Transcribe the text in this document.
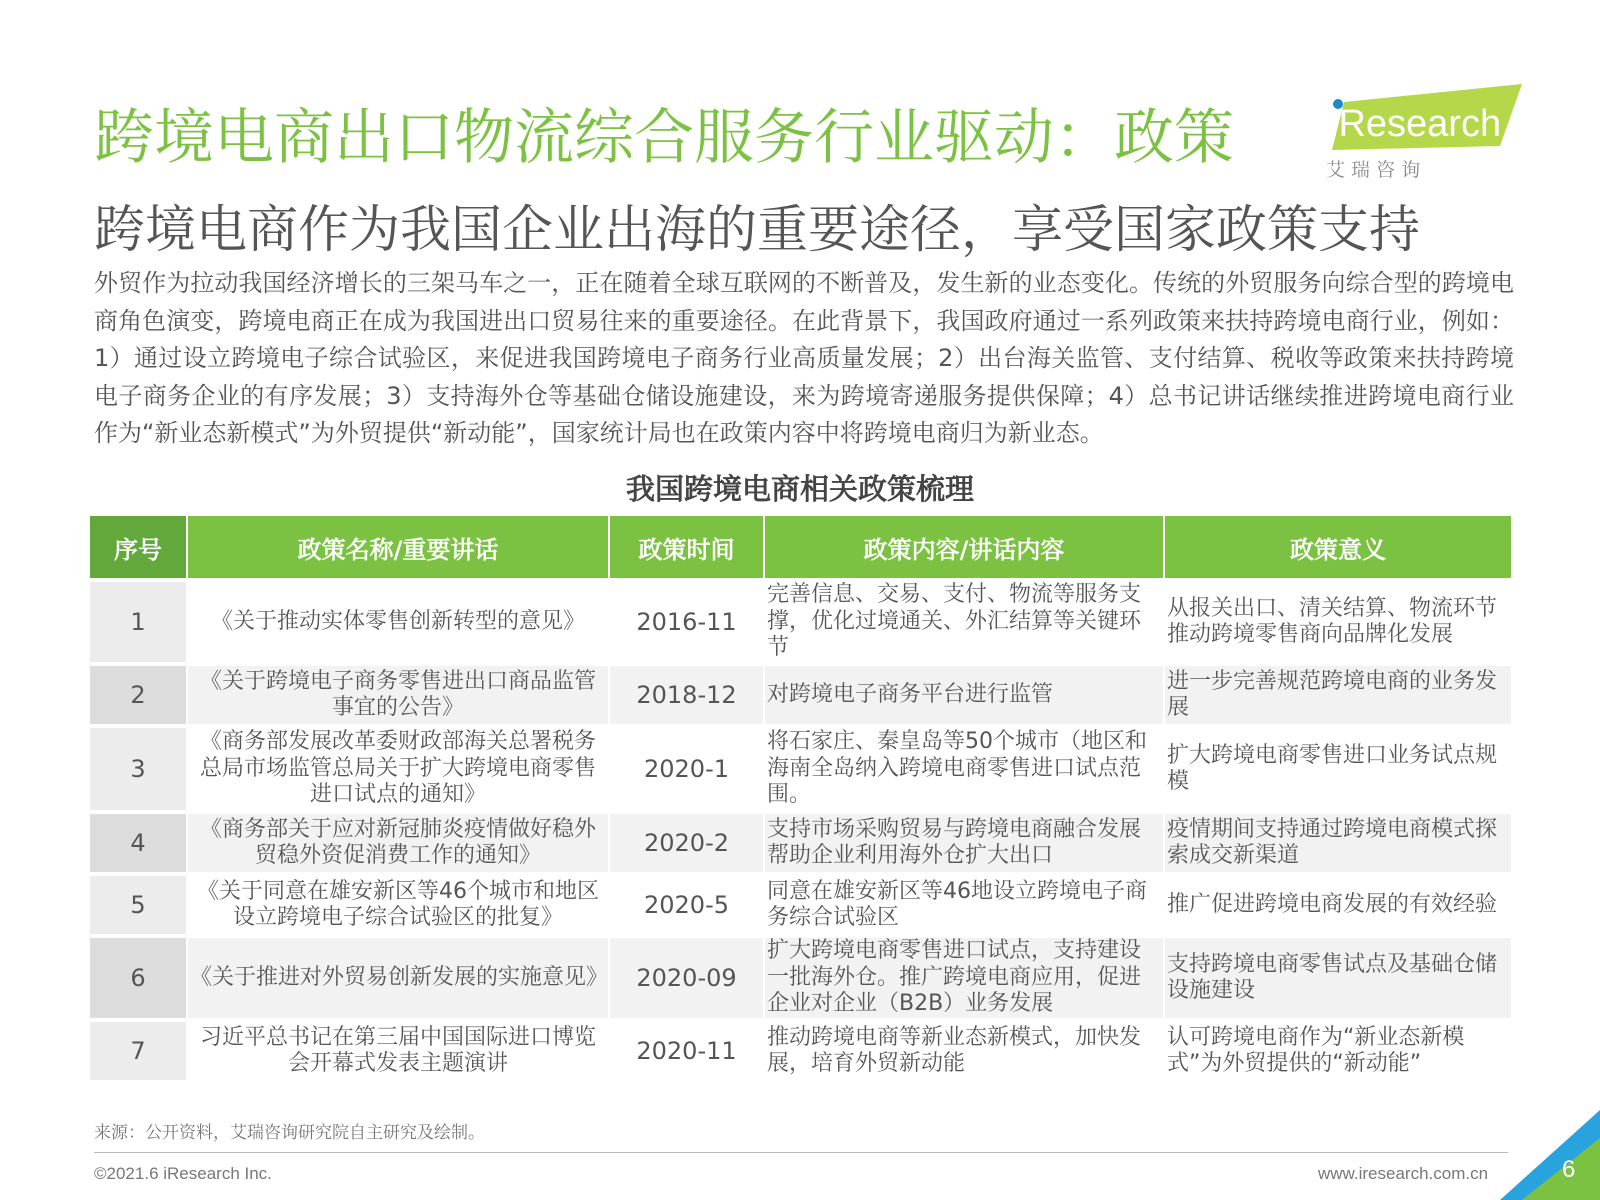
跨境电商出口物流综合服务行业驱动：政策	iResearch
艾 瑞 咨 询
跨境电商作为我国企业出海的重要途径，享受国家政策支持
外贸作为拉动我国经济增长的三架马车之一，正在随着全球互联网的不断普及，发生新的业态变化。传统的外贸服务向综合型的跨境电商角色演变，跨境电商正在成为我国进出口贸易往来的重要途径。在此背景下，我国政府通过一系列政策来扶持跨境电商行业，例如：1）通过设立跨境电子综合试验区，来促进我国跨境电子商务行业高质量发展；2）出台海关监管、支付结算、税收等政策来扶持跨境电子商务企业的有序发展；3）支持海外仓等基础仓储设施建设，来为跨境寄递服务提供保障；4）总书记讲话继续推进跨境电商行业作为“新业态新模式”为外贸提供“新动能”，国家统计局也在政策内容中将跨境电商归为新业态。
我国跨境电商相关政策梳理
序号	政策名称/重要讲话	政策时间	政策内容/讲话内容	政策意义
1	《关于推动实体零售创新转型的意见》	2016-11	完善信息、交易、支付、物流等服务支撑，优化过境通关、外汇结算等关键环节	从报关出口、清关结算、物流环节推动跨境零售商向品牌化发展
2	《关于跨境电子商务零售进出口商品监管事宜的公告》	2018-12	对跨境电子商务平台进行监管	进一步完善规范跨境电商的业务发展
3	《商务部发展改革委财政部海关总署税务总局市场监管总局关于扩大跨境电商零售进口试点的通知》	2020-1	将石家庄、秦皇岛等50个城市（地区和海南全岛纳入跨境电商零售进口试点范围。	扩大跨境电商零售进口业务试点规模
4	《商务部关于应对新冠肺炎疫情做好稳外贸稳外资促消费工作的通知》	2020-2	支持市场采购贸易与跨境电商融合发展帮助企业利用海外仓扩大出口	疫情期间支持通过跨境电商模式探索成交新渠道
5	《关于同意在雄安新区等46个城市和地区设立跨境电子综合试验区的批复》	2020-5	同意在雄安新区等46地设立跨境电子商务综合试验区	推广促进跨境电商发展的有效经验
6	《关于推进对外贸易创新发展的实施意见》	2020-09	扩大跨境电商零售进口试点，支持建设一批海外仓。推广跨境电商应用，促进企业对企业（B2B）业务发展	支持跨境电商零售试点及基础仓储设施建设
7	习近平总书记在第三届中国国际进口博览会开幕式发表主题演讲	2020-11	推动跨境电商等新业态新模式，加快发展，培育外贸新动能	认可跨境电商作为“新业态新模式”为外贸提供的“新动能”
来源：公开资料，艾瑞咨询研究院自主研究及绘制。
©2021.6 iResearch Inc.	www.iresearch.com.cn	6
